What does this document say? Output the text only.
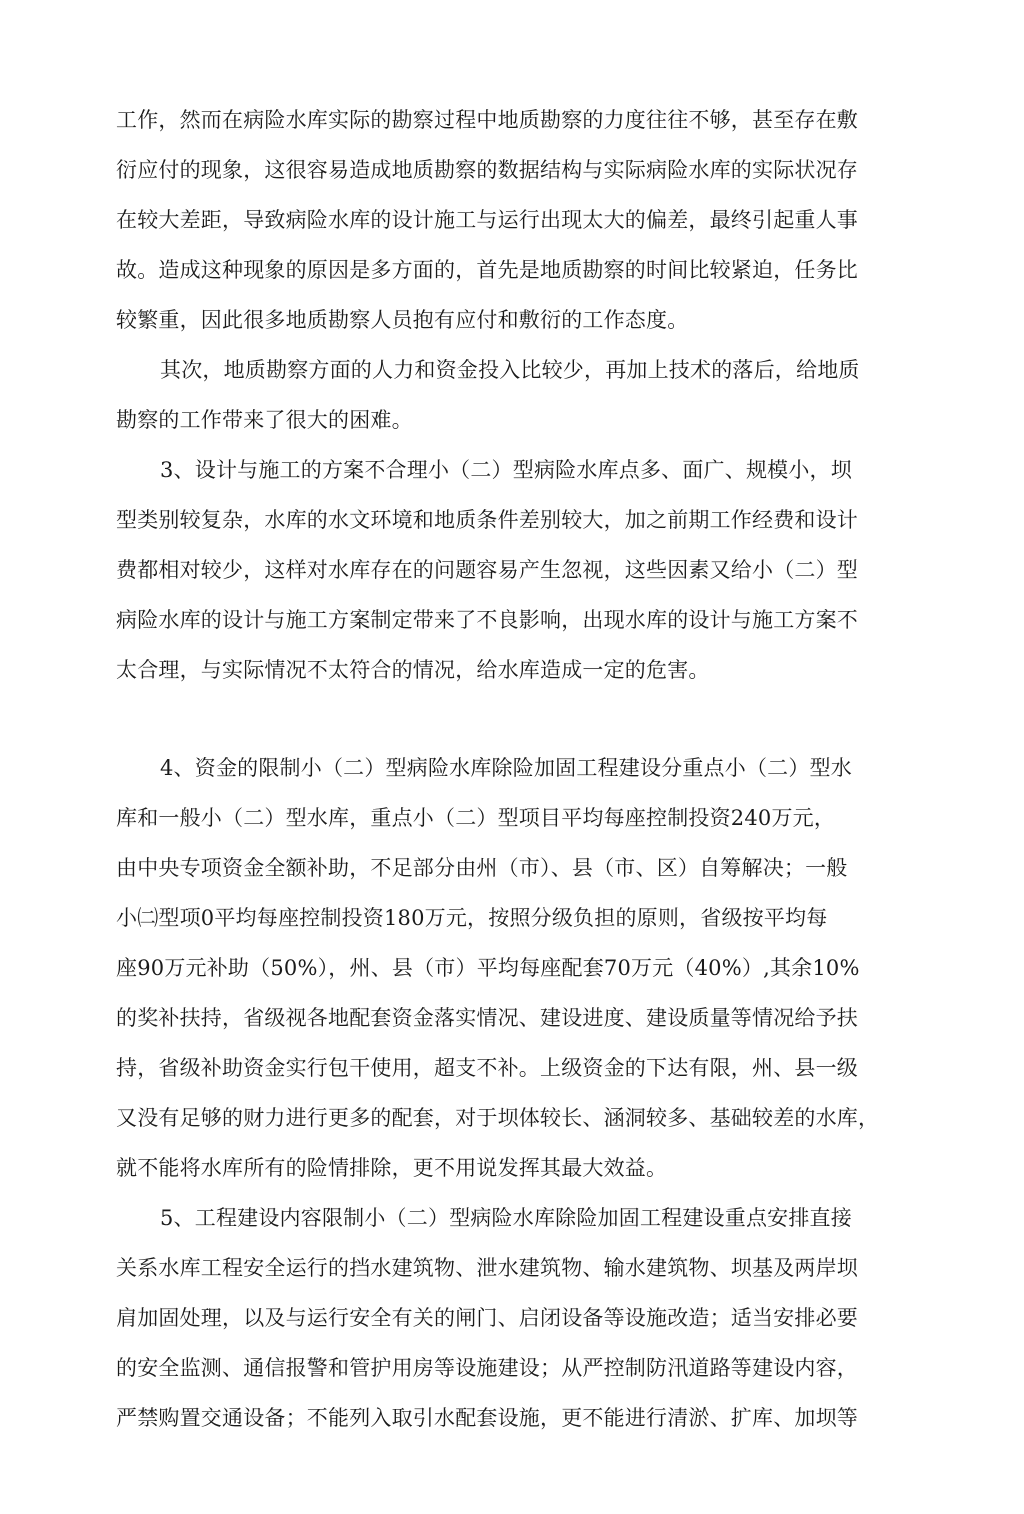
工作，然而在病险水库实际的勘察过程中地质勘察的力度往往不够，甚至存在敷
衍应付的现象，这很容易造成地质勘察的数据结构与实际病险水库的实际状况存
在较大差距，导致病险水库的设计施工与运行出现太大的偏差，最终引起重人事
故。造成这种现象的原因是多方面的，首先是地质勘察的时间比较紧迫，任务比
较繁重，因此很多地质勘察人员抱有应付和敷衍的工作态度。
其次，地质勘察方面的人力和资金投入比较少，再加上技术的落后，给地质
勘察的工作带来了很大的困难。
3、设计与施工的方案不合理小（二）型病险水库点多、面广、规模小，坝
型类别较复杂，水库的水文环境和地质条件差别较大，加之前期工作经费和设计
费都相对较少，这样对水库存在的问题容易产生忽视，这些因素又给小（二）型
病险水库的设计与施工方案制定带来了不良影响，出现水库的设计与施工方案不
太合理，与实际情况不太符合的情况，给水库造成一定的危害。
4、资金的限制小（二）型病险水库除险加固工程建设分重点小（二）型水
库和一般小（二）型水库，重点小（二）型项目平均每座控制投资240万元，
由中央专项资金全额补助，不足部分由州（市）、县（市、区）自筹解决；一般
小㈡型项0平均每座控制投资180万元，按照分级负担的原则，省级按平均每
座90万元补助（50%），州、县（市）平均每座配套70万元（40%）,其余10%
的奖补扶持，省级视各地配套资金落实情况、建设进度、建设质量等情况给予扶
持，省级补助资金实行包干使用，超支不补。上级资金的下达有限，州、县一级
又没有足够的财力进行更多的配套，对于坝体较长、涵洞较多、基础较差的水库，
就不能将水库所有的险情排除，更不用说发挥其最大效益。
5、工程建设内容限制小（二）型病险水库除险加固工程建设重点安排直接
关系水库工程安全运行的挡水建筑物、泄水建筑物、输水建筑物、坝基及两岸坝
肩加固处理，以及与运行安全有关的闸门、启闭设备等设施改造；适当安排必要
的安全监测、通信报警和管护用房等设施建设；从严控制防汛道路等建设内容，
严禁购置交通设备；不能列入取引水配套设施，更不能进行清淤、扩库、加坝等
